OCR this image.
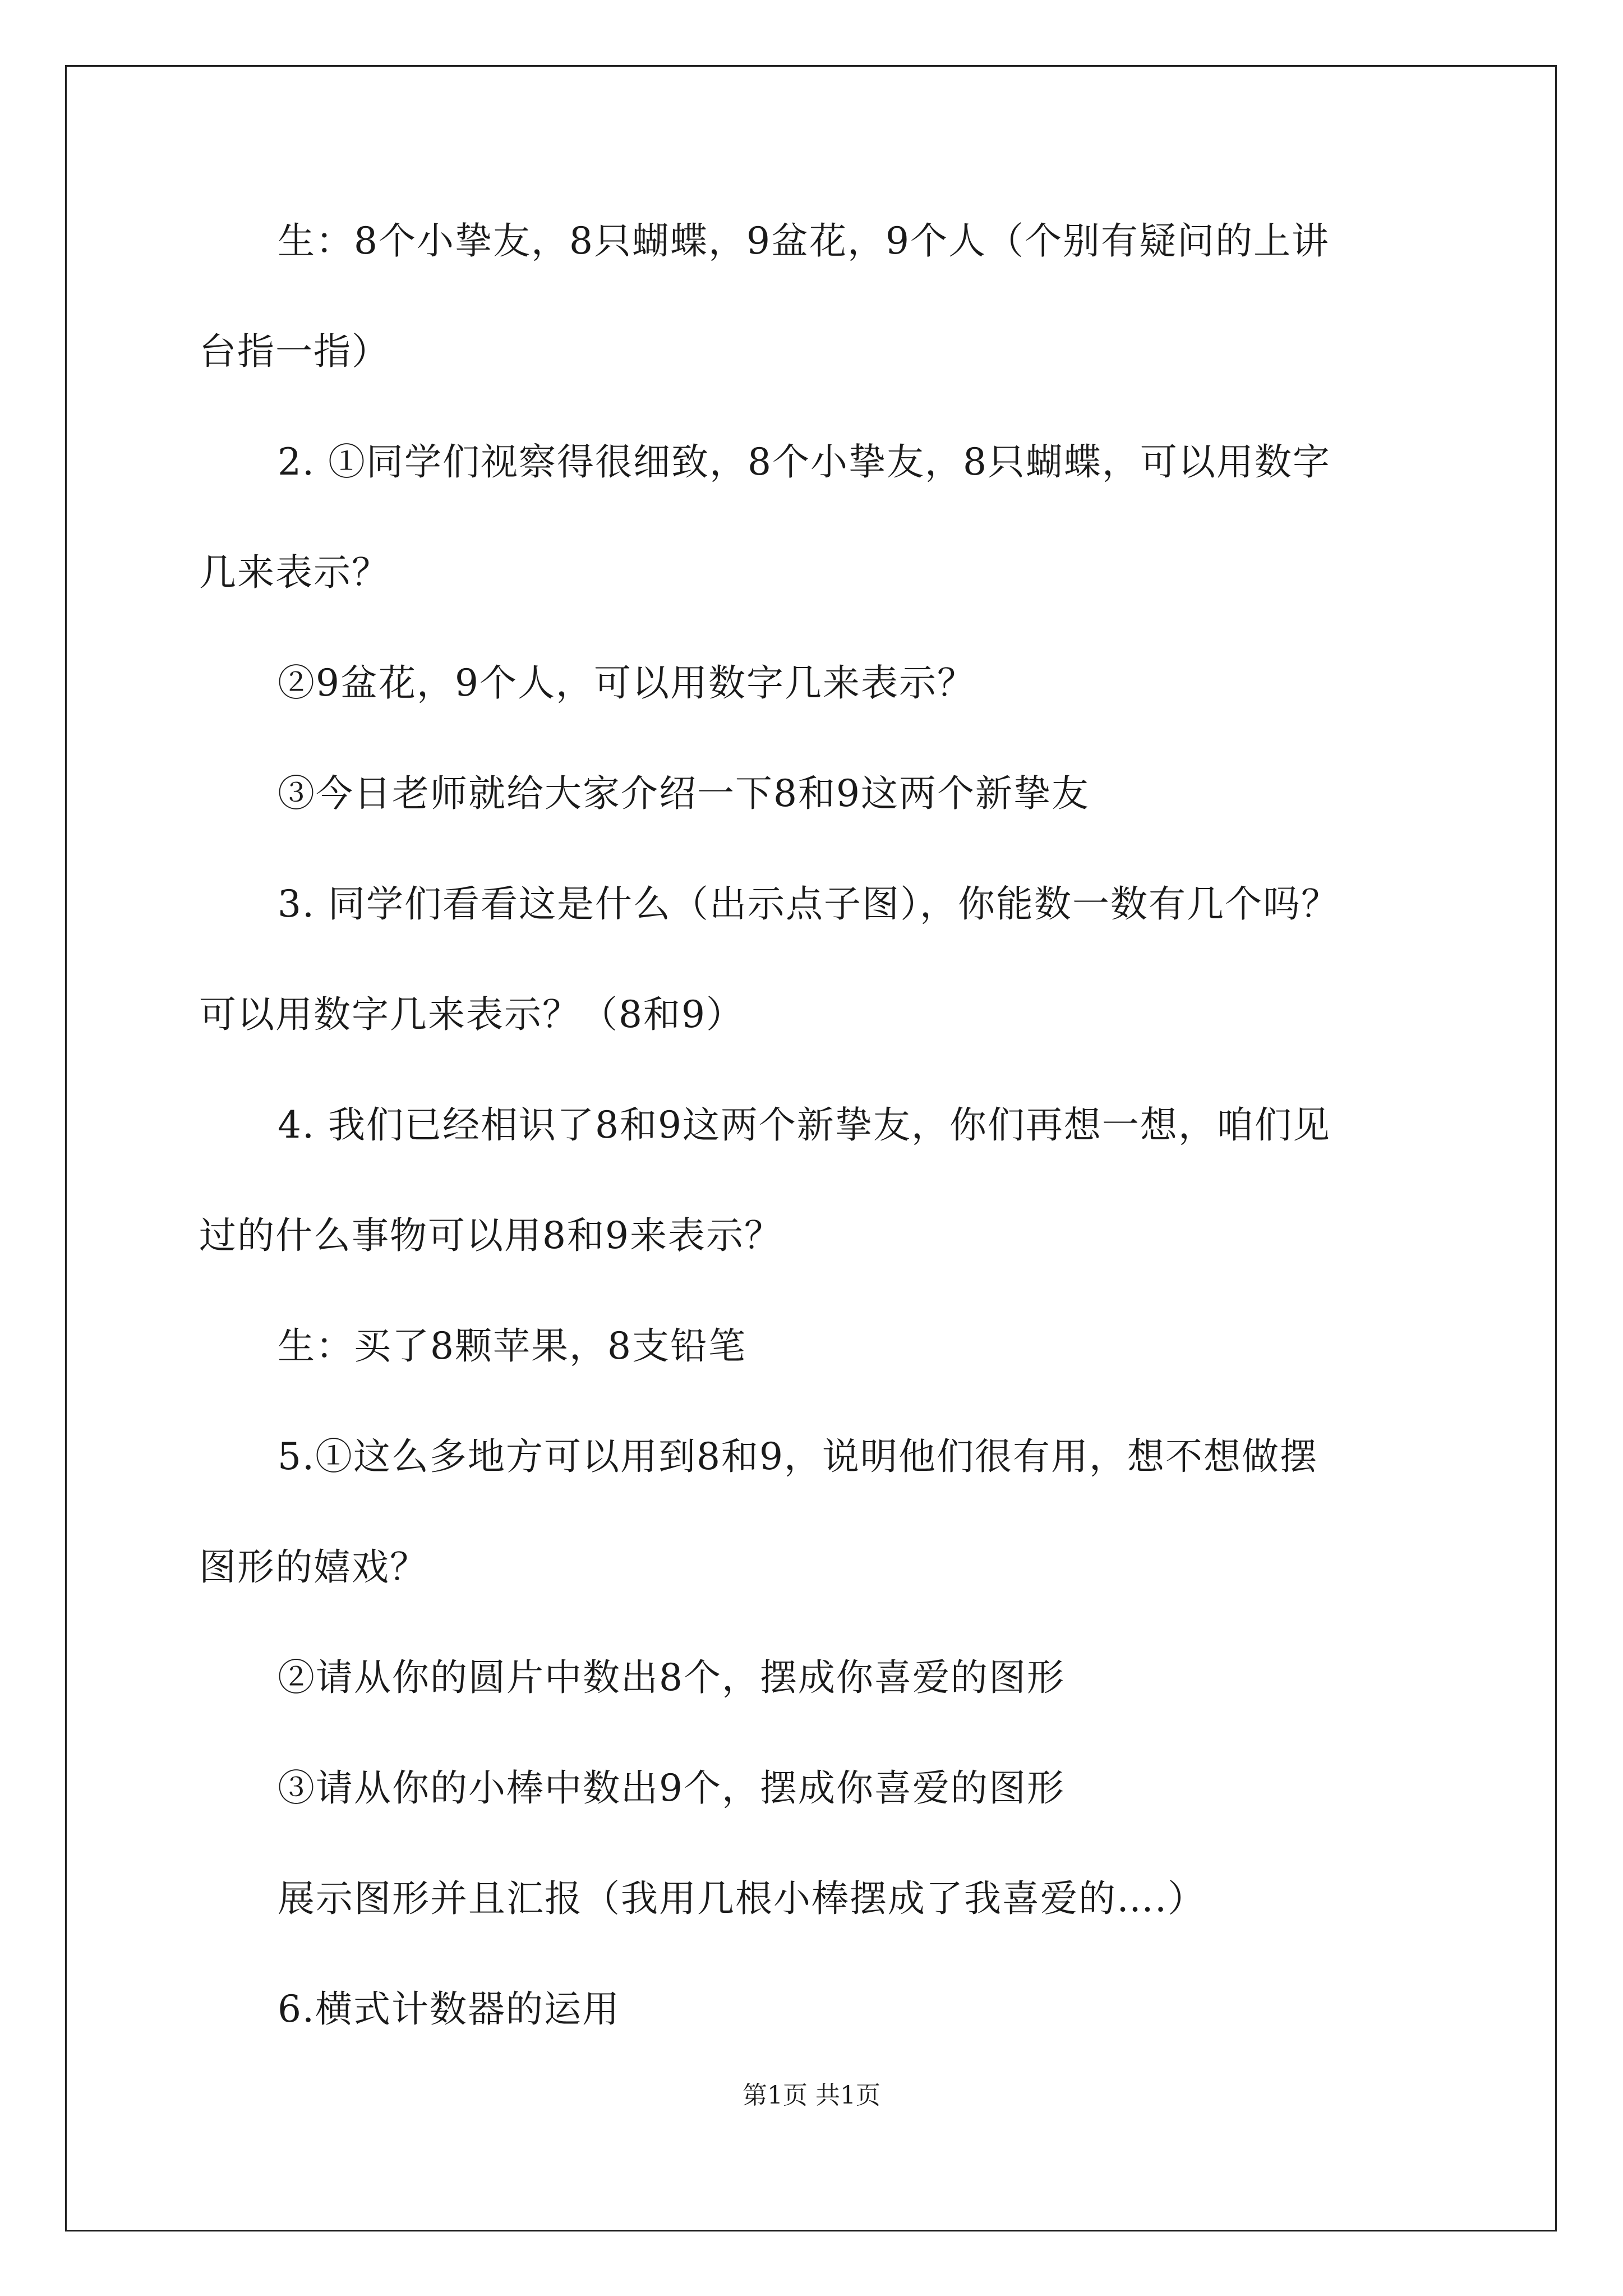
生：8个小挚友，8只蝴蝶，9盆花，9个人（个别有疑问的上讲
台指一指）
2. ①同学们视察得很细致，8个小挚友，8只蝴蝶，可以用数字
几来表示？
②9盆花，9个人，可以用数字几来表示？
③今日老师就给大家介绍一下8和9这两个新挚友
3. 同学们看看这是什么（出示点子图），你能数一数有几个吗？
可以用数字几来表示？（8和9）
4. 我们已经相识了8和9这两个新挚友，你们再想一想，咱们见
过的什么事物可以用8和9来表示？
生：买了8颗苹果，8支铅笔
5.①这么多地方可以用到8和9，说明他们很有用，想不想做摆
图形的嬉戏？
②请从你的圆片中数出8个，摆成你喜爱的图形
③请从你的小棒中数出9个，摆成你喜爱的图形
展示图形并且汇报（我用几根小棒摆成了我喜爱的….）
6.横式计数器的运用
第1页 共1页
